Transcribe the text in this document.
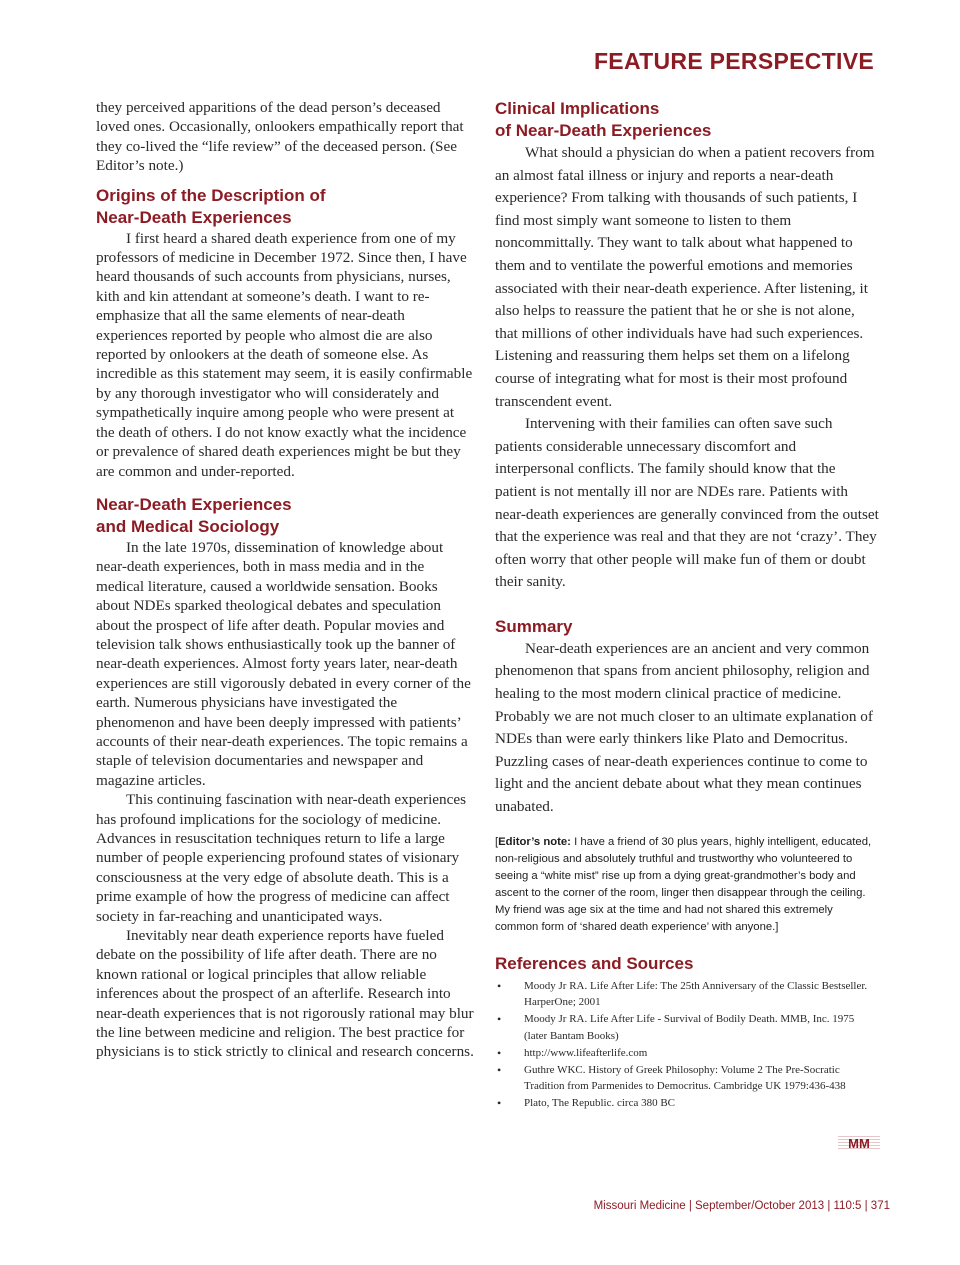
FEATURE PERSPECTIVE

they perceived apparitions of the dead person’s deceased loved ones. Occasionally, onlookers empathically report that they co-lived the “life review” of the deceased person. (See Editor’s note.)

Origins of the Description of
Near-Death Experiences

I first heard a shared death experience from one of my professors of medicine in December 1972. Since then, I have heard thousands of such accounts from physicians, nurses, kith and kin attendant at someone’s death. I want to re-emphasize that all the same elements of near-death experiences reported by people who almost die are also reported by onlookers at the death of someone else. As incredible as this statement may seem, it is easily confirmable by any thorough investigator who will considerately and sympathetically inquire among people who were present at the death of others. I do not know exactly what the incidence or prevalence of shared death experiences might be but they are common and under-reported.

Near-Death Experiences
and Medical Sociology

In the late 1970s, dissemination of knowledge about near-death experiences, both in mass media and in the medical literature, caused a worldwide sensation. Books about NDEs sparked theological debates and speculation about the prospect of life after death. Popular movies and television talk shows enthusiastically took up the banner of near-death experiences. Almost forty years later, near-death experiences are still vigorously debated in every corner of the earth. Numerous physicians have investigated the phenomenon and have been deeply impressed with patients’ accounts of their near-death experiences. The topic remains a staple of television documentaries and newspaper and magazine articles.

This continuing fascination with near-death experiences has profound implications for the sociology of medicine. Advances in resuscitation techniques return to life a large number of people experiencing profound states of visionary consciousness at the very edge of absolute death. This is a prime example of how the progress of medicine can affect society in far-reaching and unanticipated ways.

Inevitably near death experience reports have fueled debate on the possibility of life after death. There are no known rational or logical principles that allow reliable inferences about the prospect of an afterlife. Research into near-death experiences that is not rigorously rational may blur the line between medicine and religion. The best practice for physicians is to stick strictly to clinical and research concerns.

Clinical Implications
of Near-Death Experiences

What should a physician do when a patient recovers from an almost fatal illness or injury and reports a near-death experience? From talking with thousands of such patients, I find most simply want someone to listen to them noncommittally. They want to talk about what happened to them and to ventilate the powerful emotions and memories associated with their near-death experience. After listening, it also helps to reassure the patient that he or she is not alone, that millions of other individuals have had such experiences. Listening and reassuring them helps set them on a lifelong course of integrating what for most is their most profound transcendent event.

Intervening with their families can often save such patients considerable unnecessary discomfort and interpersonal conflicts. The family should know that the patient is not mentally ill nor are NDEs rare. Patients with near-death experiences are generally convinced from the outset that the experience was real and that they are not ‘crazy’. They often worry that other people will make fun of them or doubt their sanity.

Summary

Near-death experiences are an ancient and very common phenomenon that spans from ancient philosophy, religion and healing to the most modern clinical practice of medicine. Probably we are not much closer to an ultimate explanation of NDEs than were early thinkers like Plato and Democritus. Puzzling cases of near-death experiences continue to come to light and the ancient debate about what they mean continues unabated.

[Editor’s note: I have a friend of 30 plus years, highly intelligent, educated, non-religious and absolutely truthful and trustworthy who volunteered to seeing a “white mist” rise up from a dying great-grandmother’s body and ascent to the corner of the room, linger then disappear through the ceiling. My friend was age six at the time and had not shared this extremely common form of ‘shared death experience’ with anyone.]
References and Sources
• Moody Jr RA. Life After Life: The 25th Anniversary of the Classic Bestseller. HarperOne; 2001
• Moody Jr RA. Life After Life - Survival of Bodily Death. MMB, Inc. 1975 (later Bantam Books)
• http://www.lifeafterlife.com
• Guthre WKC. History of Greek Philosophy: Volume 2 The Pre-Socratic Tradition from Parmenides to Democritus. Cambridge UK 1979:436-438
• Plato, The Republic. circa 380 BC
MM
Missouri Medicine | September/October 2013 | 110:5 | 371
